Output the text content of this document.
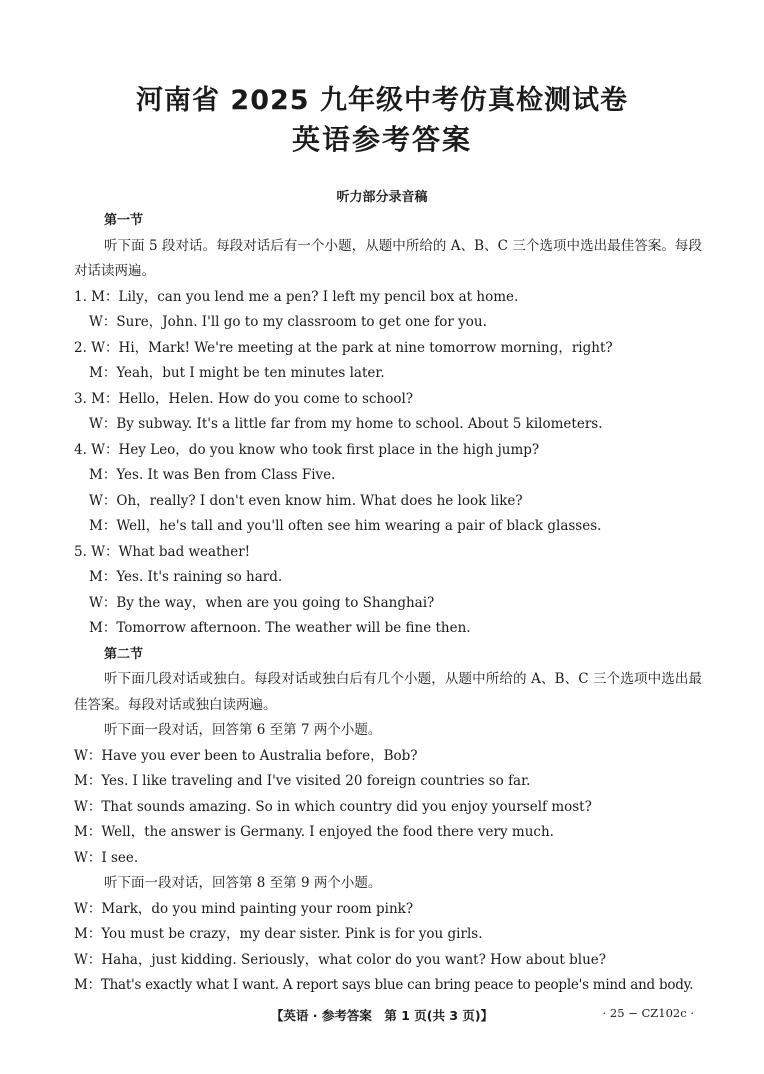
河南省 2025 九年级中考仿真检测试卷
英语参考答案
听力部分录音稿
第一节
听下面 5 段对话。每段对话后有一个小题，从题中所给的 A、B、C 三个选项中选出最佳答案。每段对话读两遍。
1. M：Lily，can you lend me a pen? I left my pencil box at home.
W：Sure，John. I'll go to my classroom to get one for you.
2. W：Hi，Mark! We're meeting at the park at nine tomorrow morning，right?
M：Yeah，but I might be ten minutes later.
3. M：Hello，Helen. How do you come to school?
W：By subway. It's a little far from my home to school. About 5 kilometers.
4. W：Hey Leo，do you know who took first place in the high jump?
M：Yes. It was Ben from Class Five.
W：Oh，really? I don't even know him. What does he look like?
M：Well，he's tall and you'll often see him wearing a pair of black glasses.
5. W：What bad weather!
M：Yes. It's raining so hard.
W：By the way，when are you going to Shanghai?
M：Tomorrow afternoon. The weather will be fine then.
第二节
听下面几段对话或独白。每段对话或独白后有几个小题，从题中所给的 A、B、C 三个选项中选出最佳答案。每段对话或独白读两遍。
听下面一段对话，回答第 6 至第 7 两个小题。
W：Have you ever been to Australia before，Bob?
M：Yes. I like traveling and I've visited 20 foreign countries so far.
W：That sounds amazing. So in which country did you enjoy yourself most?
M：Well，the answer is Germany. I enjoyed the food there very much.
W：I see.
听下面一段对话，回答第 8 至第 9 两个小题。
W：Mark，do you mind painting your room pink?
M：You must be crazy，my dear sister. Pink is for you girls.
W：Haha，just kidding. Seriously，what color do you want? How about blue?
M：That's exactly what I want. A report says blue can bring peace to people's mind and body.
【英语 · 参考答案　第 1 页(共 3 页)】	· 25 − CZ102c ·
